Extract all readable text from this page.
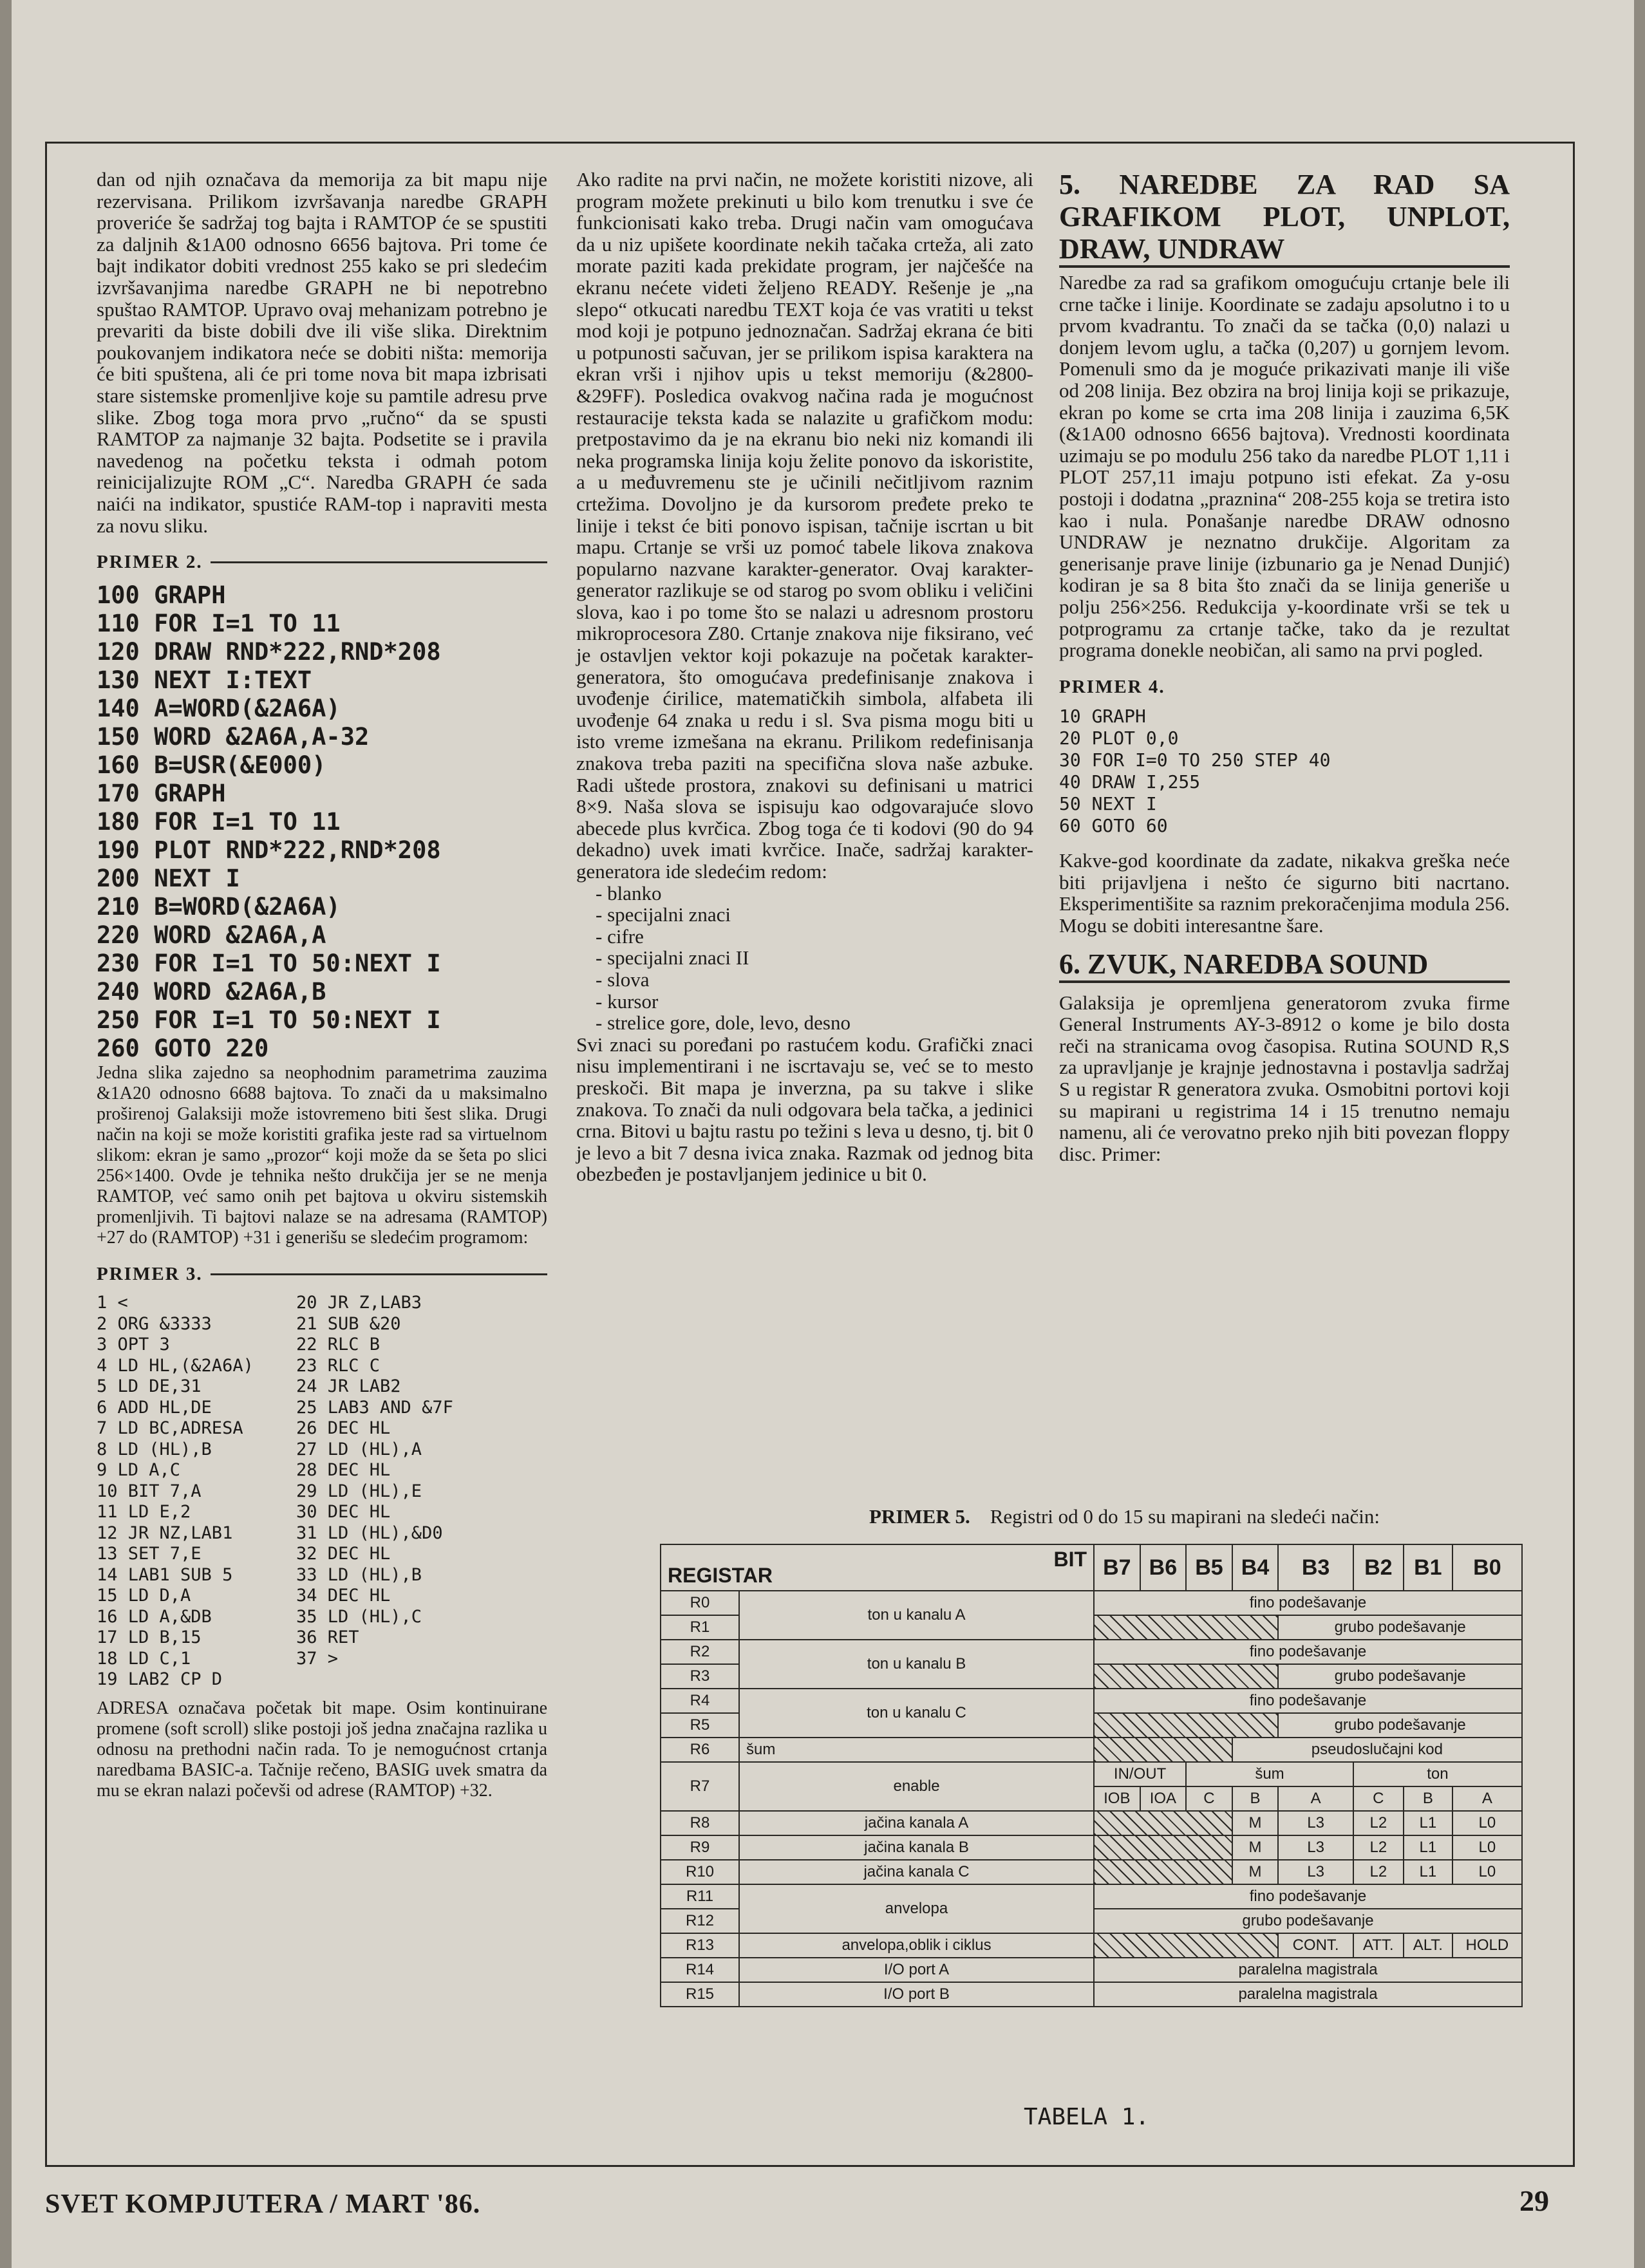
dan od njih označava da memorija za bit mapu nije rezervisana. Prilikom izvršavanja naredbe GRAPH proveriće še sadržaj tog bajta i RAMTOP će se spustiti za daljnih &1A00 odnosno 6656 bajtova. Pri tome će bajt indikator dobiti vrednost 255 kako se pri sledećim izvršavanjima naredbe GRAPH ne bi nepotrebno spuštao RAMTOP. Upravo ovaj mehanizam potrebno je prevariti da biste dobili dve ili više slika. Direktnim poukovanjem indikatora neće se dobiti ništa: memorija će biti spuštena, ali će pri tome nova bit mapa izbrisati stare sistemske promenljive koje su pamtile adresu prve slike. Zbog toga mora prvo „ručno“ da se spusti RAMTOP za najmanje 32 bajta. Podsetite se i pravila navedenog na početku teksta i odmah potom reinicijalizujte ROM „C“. Naredba GRAPH će sada naići na indikator, spustiće RAM-top i napraviti mesta za novu sliku.

PRIMER 2.
100 GRAPH
110 FOR I=1 TO 11
120 DRAW RND*222,RND*208
130 NEXT I:TEXT
140 A=WORD(&2A6A)
150 WORD &2A6A,A-32
160 B=USR(&E000)
170 GRAPH
180 FOR I=1 TO 11
190 PLOT RND*222,RND*208
200 NEXT I
210 B=WORD(&2A6A)
220 WORD &2A6A,A
230 FOR I=1 TO 50:NEXT I
240 WORD &2A6A,B
250 FOR I=1 TO 50:NEXT I
260 GOTO 220

Jedna slika zajedno sa neophodnim parametrima zauzima &1A20 odnosno 6688 bajtova. To znači da u maksimalno proširenoj Galaksiji može istovremeno biti šest slika. Drugi način na koji se može koristiti grafika jeste rad sa virtuelnom slikom: ekran je samo „prozor“ koji može da se šeta po slici 256×1400. Ovde je tehnika nešto drukčija jer se ne menja RAMTOP, već samo onih pet bajtova u okviru sistemskih promenljivih. Ti bajtovi nalaze se na adresama (RAMTOP) +27 do (RAMTOP) +31 i generišu se sledećim programom:

PRIMER 3.
1 <
2 ORG &3333
3 OPT 3
4 LD HL,(&2A6A)
5 LD DE,31
6 ADD HL,DE
7 LD BC,ADRESA
8 LD (HL),B
9 LD A,C
10 BIT 7,A
11 LD E,2
12 JR NZ,LAB1
13 SET 7,E
14 LAB1 SUB 5
15 LD D,A
16 LD A,&DB
17 LD B,15
18 LD C,1
19 LAB2 CP D
20 JR Z,LAB3
21 SUB &20
22 RLC B
23 RLC C
24 JR LAB2
25 LAB3 AND &7F
26 DEC HL
27 LD (HL),A
28 DEC HL
29 LD (HL),E
30 DEC HL
31 LD (HL),&D0
32 DEC HL
33 LD (HL),B
34 DEC HL
35 LD (HL),C
36 RET
37 >

ADRESA označava početak bit mape. Osim kontinuirane promene (soft scroll) slike postoji još jedna značajna razlika u odnosu na prethodni način rada. To je nemogućnost crtanja naredbama BASIC-a. Tačnije rečeno, BASIG uvek smatra da mu se ekran nalazi počevši od adrese (RAMTOP) +32.

Ako radite na prvi način, ne možete koristiti nizove, ali program možete prekinuti u bilo kom trenutku i sve će funkcionisati kako treba. Drugi način vam omogućava da u niz upišete koordinate nekih tačaka crteža, ali zato morate paziti kada prekidate program, jer najčešće na ekranu nećete videti željeno READY. Rešenje je „na slepo“ otkucati naredbu TEXT koja će vas vratiti u tekst mod koji je potpuno jednoznačan. Sadržaj ekrana će biti u potpunosti sačuvan, jer se prilikom ispisa karaktera na ekran vrši i njihov upis u tekst memoriju (&2800-&29FF). Posledica ovakvog načina rada je mogućnost restauracije teksta kada se nalazite u grafičkom modu: pretpostavimo da je na ekranu bio neki niz komandi ili neka programska linija koju želite ponovo da iskoristite, a u međuvremenu ste je učinili nečitljivom raznim crtežima. Dovoljno je da kursorom pređete preko te linije i tekst će biti ponovo ispisan, tačnije iscrtan u bit mapu. Crtanje se vrši uz pomoć tabele likova znakova popularno nazvane karakter-generator. Ovaj karakter-generator razlikuje se od starog po svom obliku i veličini slova, kao i po tome što se nalazi u adresnom prostoru mikroprocesora Z80. Crtanje znakova nije fiksirano, već je ostavljen vektor koji pokazuje na početak karakter-generatora, što omogućava predefinisanje znakova i uvođenje ćirilice, matematičkih simbola, alfabeta ili uvođenje 64 znaka u redu i sl. Sva pisma mogu biti u isto vreme izmešana na ekranu. Prilikom redefinisanja znakova treba paziti na specifična slova naše azbuke. Radi uštede prostora, znakovi su definisani u matrici 8×9. Naša slova se ispisuju kao odgovarajuće slovo abecede plus kvrčica. Zbog toga će ti kodovi (90 do 94 dekadno) uvek imati kvrčice. Inače, sadržaj karakter-generatora ide sledećim redom:

- blanko
- specijalni znaci
- cifre
- specijalni znaci II
- slova
- kursor
- strelice gore, dole, levo, desno

Svi znaci su poređani po rastućem kodu. Grafički znaci nisu implementirani i ne iscrtavaju se, već se to mesto preskoči. Bit mapa je inverzna, pa su takve i slike znakova. To znači da nuli odgovara bela tačka, a jedinici crna. Bitovi u bajtu rastu po težini s leva u desno, tj. bit 0 je levo a bit 7 desna ivica znaka. Razmak od jednog bita obezbeđen je postavljanjem jedinice u bit 0.

5. NAREDBE ZA RAD SA GRAFIKOM PLOT, UNPLOT, DRAW, UNDRAW

Naredbe za rad sa grafikom omogućuju crtanje bele ili crne tačke i linije. Koordinate se zadaju apsolutno i to u prvom kvadrantu. To znači da se tačka (0,0) nalazi u donjem levom uglu, a tačka (0,207) u gornjem levom. Pomenuli smo da je moguće prikazivati manje ili više od 208 linija. Bez obzira na broj linija koji se prikazuje, ekran po kome se crta ima 208 linija i zauzima 6,5K (&1A00 odnosno 6656 bajtova). Vrednosti koordinata uzimaju se po modulu 256 tako da naredbe PLOT 1,11 i PLOT 257,11 imaju potpuno isti efekat. Za y-osu postoji i dodatna „praznina“ 208-255 koja se tretira isto kao i nula. Ponašanje naredbe DRAW odnosno UNDRAW je neznatno drukčije. Algoritam za generisanje prave linije (izbunario ga je Nenad Dunjić) kodiran je sa 8 bita što znači da se linija generiše u polju 256×256. Redukcija y-koordinate vrši se tek u potprogramu za crtanje tačke, tako da je rezultat programa donekle neobičan, ali samo na prvi pogled.

PRIMER 4.
10 GRAPH
20 PLOT 0,0
30 FOR I=0 TO 250 STEP 40
40 DRAW I,255
50 NEXT I
60 GOTO 60

Kakve-god koordinate da zadate, nikakva greška neće biti prijavljena i nešto će sigurno biti nacrtano. Eksperimentišite sa raznim prekoračenjima modula 256. Mogu se dobiti interesantne šare.

6. ZVUK, NAREDBA SOUND

Galaksija je opremljena generatorom zvuka firme General Instruments AY-3-8912 o kome je bilo dosta reči na stranicama ovog časopisa. Rutina SOUND R,S za upravljanje je krajnje jednostavna i postavlja sadržaj S u registar R generatora zvuka. Osmobitni portovi koji su mapirani u registrima 14 i 15 trenutno nemaju namenu, ali će verovatno preko njih biti povezan floppy disc. Primer:

PRIMER 5. Registri od 0 do 15 su mapirani na sledeći način:
REGISTAR
BIT		B7	B6	B5	B4	B3	B2	B1	B0
R0	ton u kanalu A	fino podešavanje							
R1						grubo podešavanje			
R2	ton u kanalu B	fino podešavanje							
R3						grubo podešavanje			
R4	ton u kanalu C	fino podešavanje							
R5						grubo podešavanje			
R6	šum				pseudoslučajni kod				
R7	enable	IN/OUT		šum			ton		
		IOB	IOA	C	B	A	C	B	A
R8	jačina kanala A				M	L3	L2	L1	L0
R9	jačina kanala B				M	L3	L2	L1	L0
R10	jačina kanala C				M	L3	L2	L1	L0
R11	anvelopa	fino podešavanje							
R12		grubo podešavanje							
R13	anvelopa,oblik i ciklus					CONT.	ATT.	ALT.	HOLD
R14	I/O port A	paralelna magistrala							
R15	I/O port B	paralelna magistrala							
TABELA 1.
SVET KOMPJUTERA / MART '86.	29
